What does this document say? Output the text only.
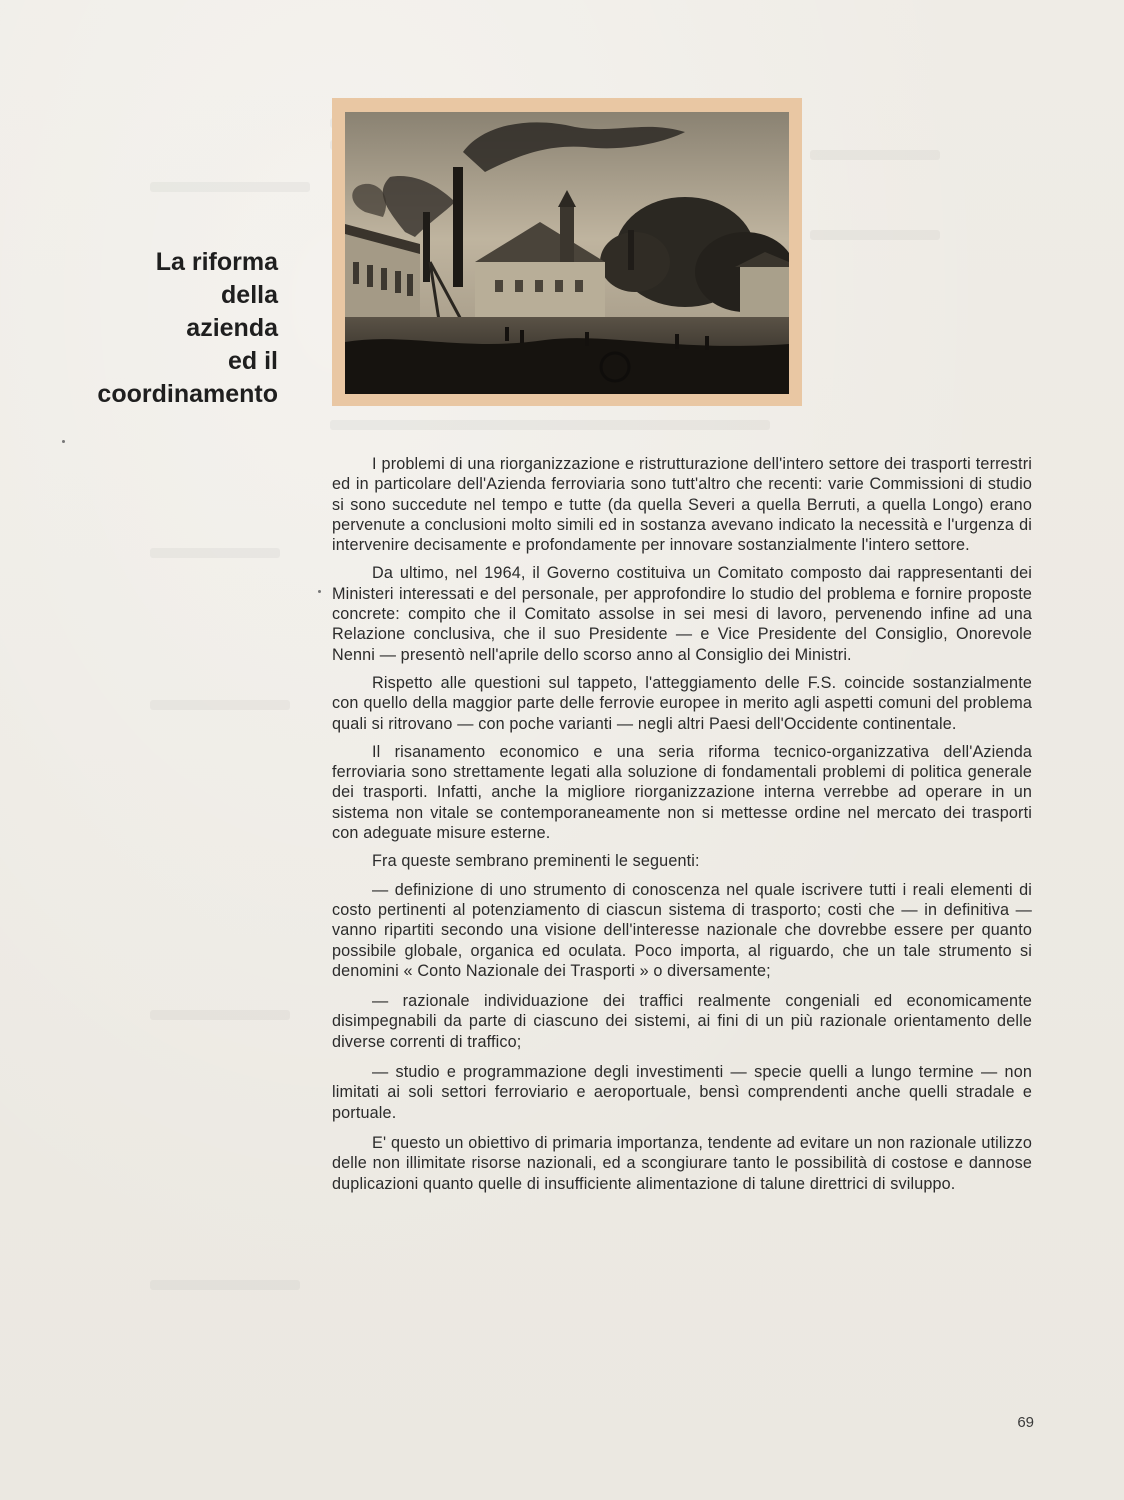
La riforma
della
azienda
ed il
coordinamento

I problemi di una riorganizzazione e ristrutturazione dell'intero settore dei trasporti terrestri ed in particolare dell'Azienda ferroviaria sono tutt'altro che recenti: varie Commissioni di studio si sono succedute nel tempo e tutte (da quella Severi a quella Berruti, a quella Longo) erano pervenute a conclusioni molto simili ed in sostanza avevano indicato la necessità e l'urgenza di intervenire decisamente e profondamente per innovare sostanzialmente l'intero settore.

Da ultimo, nel 1964, il Governo costituiva un Comitato composto dai rappresentanti dei Ministeri interessati e del personale, per approfondire lo studio del problema e fornire proposte concrete: compito che il Comitato assolse in sei mesi di lavoro, pervenendo infine ad una Relazione conclusiva, che il suo Presidente — e Vice Presidente del Consiglio, Onorevole Nenni — presentò nell'aprile dello scorso anno al Consiglio dei Ministri.

Rispetto alle questioni sul tappeto, l'atteggiamento delle F.S. coincide sostanzialmente con quello della maggior parte delle ferrovie europee in merito agli aspetti comuni del problema quali si ritrovano — con poche varianti — negli altri Paesi dell'Occidente continentale.

Il risanamento economico e una seria riforma tecnico-organizzativa dell'Azienda ferroviaria sono strettamente legati alla soluzione di fondamentali problemi di politica generale dei trasporti. Infatti, anche la migliore riorganizzazione interna verrebbe ad operare in un sistema non vitale se contemporaneamente non si mettesse ordine nel mercato dei trasporti con adeguate misure esterne.

Fra queste sembrano preminenti le seguenti:

— definizione di uno strumento di conoscenza nel quale iscrivere tutti i reali elementi di costo pertinenti al potenziamento di ciascun sistema di trasporto; costi che — in definitiva — vanno ripartiti secondo una visione dell'interesse nazionale che dovrebbe essere per quanto possibile globale, organica ed oculata. Poco importa, al riguardo, che un tale strumento si denomini « Conto Nazionale dei Trasporti » o diversamente;

— razionale individuazione dei traffici realmente congeniali ed economicamente disimpegnabili da parte di ciascuno dei sistemi, ai fini di un più razionale orientamento delle diverse correnti di traffico;

— studio e programmazione degli investimenti — specie quelli a lungo termine — non limitati ai soli settori ferroviario e aeroportuale, bensì comprendenti anche quelli stradale e portuale.

E' questo un obiettivo di primaria importanza, tendente ad evitare un non razionale utilizzo delle non illimitate risorse nazionali, ed a scongiurare tanto le possibilità di costose e dannose duplicazioni quanto quelle di insufficiente alimentazione di talune direttrici di sviluppo.

69
